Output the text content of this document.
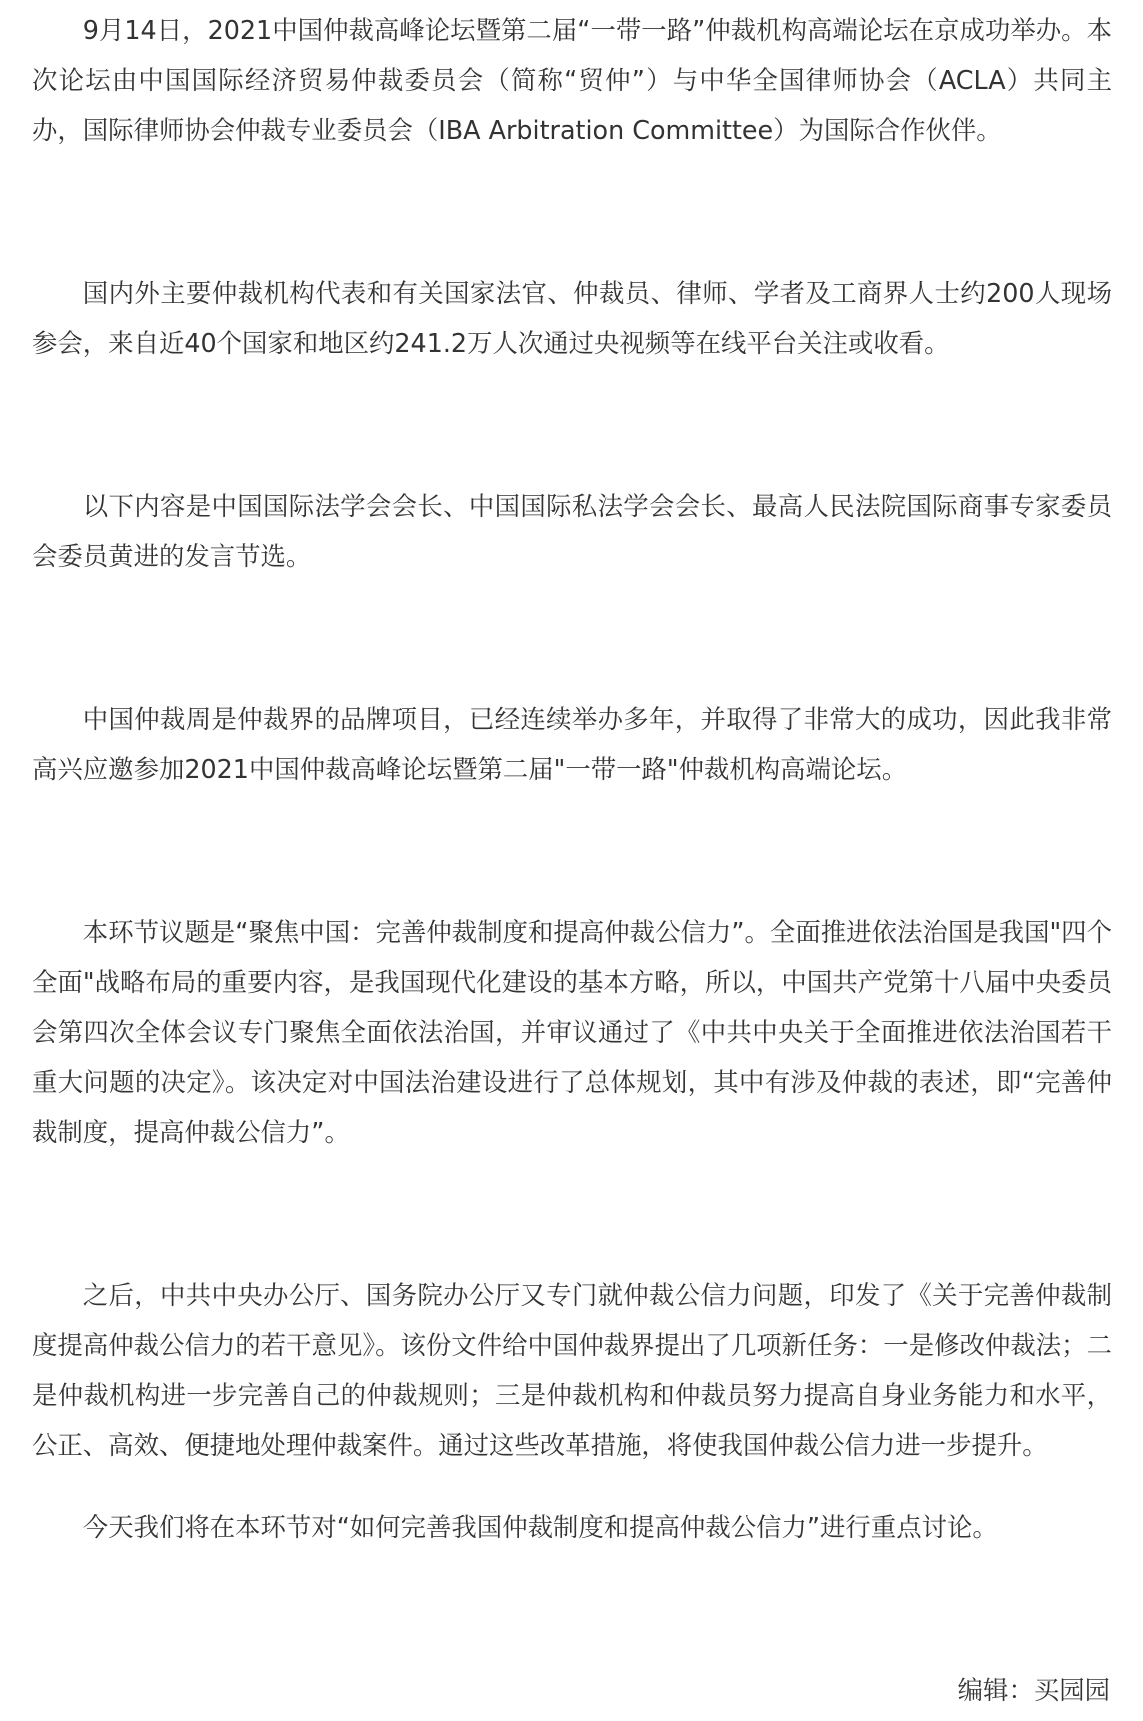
9月14日，2021中国仲裁高峰论坛暨第二届“一带一路”仲裁机构高端论坛在京成功举办。本次论坛由中国国际经济贸易仲裁委员会（简称“贸仲”）与中华全国律师协会（ACLA）共同主办，国际律师协会仲裁专业委员会（IBA Arbitration Committee）为国际合作伙伴。

国内外主要仲裁机构代表和有关国家法官、仲裁员、律师、学者及工商界人士约200人现场参会，来自近40个国家和地区约241.2万人次通过央视频等在线平台关注或收看。

以下内容是中国国际法学会会长、中国国际私法学会会长、最高人民法院国际商事专家委员会委员黄进的发言节选。

中国仲裁周是仲裁界的品牌项目，已经连续举办多年，并取得了非常大的成功，因此我非常高兴应邀参加2021中国仲裁高峰论坛暨第二届"一带一路"仲裁机构高端论坛。

本环节议题是“聚焦中国：完善仲裁制度和提高仲裁公信力”。全面推进依法治国是我国"四个全面"战略布局的重要内容，是我国现代化建设的基本方略，所以，中国共产党第十八届中央委员会第四次全体会议专门聚焦全面依法治国，并审议通过了《中共中央关于全面推进依法治国若干重大问题的决定》。该决定对中国法治建设进行了总体规划，其中有涉及仲裁的表述，即“完善仲裁制度，提高仲裁公信力”。

之后，中共中央办公厅、国务院办公厅又专门就仲裁公信力问题，印发了《关于完善仲裁制度提高仲裁公信力的若干意见》。该份文件给中国仲裁界提出了几项新任务：一是修改仲裁法；二是仲裁机构进一步完善自己的仲裁规则；三是仲裁机构和仲裁员努力提高自身业务能力和水平，公正、高效、便捷地处理仲裁案件。通过这些改革措施，将使我国仲裁公信力进一步提升。

今天我们将在本环节对“如何完善我国仲裁制度和提高仲裁公信力”进行重点讨论。

编辑：买园园
